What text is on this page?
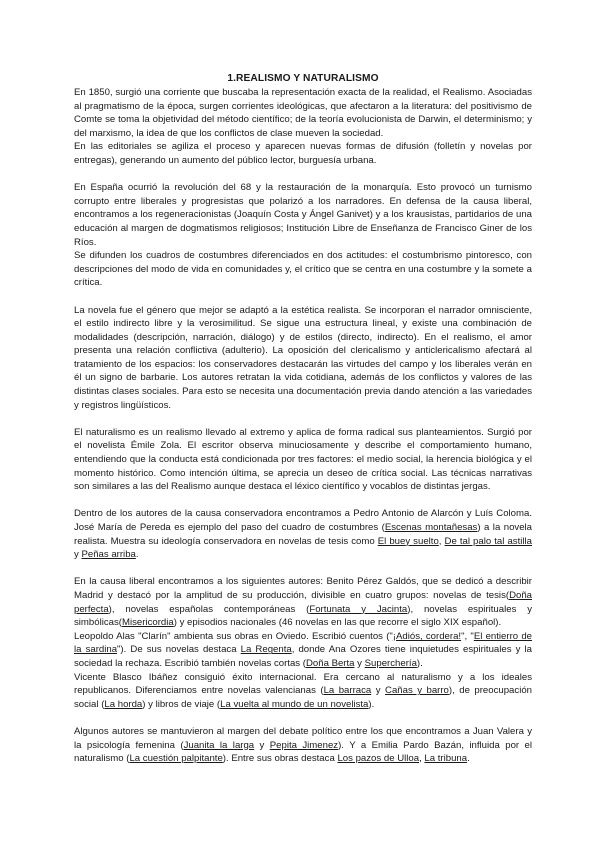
1.REALISMO Y NATURALISMO

En 1850, surgió una corriente que buscaba la representación exacta de la realidad, el Realismo. Asociadas al pragmatismo de la época, surgen corrientes ideológicas, que afectaron a la literatura: del positivismo de Comte se toma la objetividad del método científico; de la teoría evolucionista de Darwin, el determinismo; y del marxismo, la idea de que los conflictos de clase mueven la sociedad.

En las editoriales se agiliza el proceso y aparecen nuevas formas de difusión (folletín y novelas por entregas), generando un aumento del público lector, burguesía urbana.

En España ocurrió la revolución del 68 y la restauración de la monarquía. Esto provocó un turnismo corrupto entre liberales y progresistas que polarizó a los narradores. En defensa de la causa liberal, encontramos a los regeneracionistas (Joaquín Costa y Ángel Ganivet) y a los krausistas, partidarios de una educación al margen de dogmatismos religiosos; Institución Libre de Enseñanza de Francisco Giner de los Ríos.

Se difunden los cuadros de costumbres diferenciados en dos actitudes: el costumbrismo pintoresco, con descripciones del modo de vida en comunidades y, el crítico que se centra en una costumbre y la somete a crítica.

La novela fue el género que mejor se adaptó a la estética realista. Se incorporan el narrador omnisciente, el estilo indirecto libre y la verosimilitud. Se sigue una estructura lineal, y existe una combinación de modalidades (descripción, narración, diálogo) y de estilos (directo, indirecto). En el realismo, el amor presenta una relación conflictiva (adulterio). La oposición del clericalismo y anticlericalismo afectará al tratamiento de los espacios: los conservadores destacarán las virtudes del campo y los liberales verán en él un signo de barbarie. Los autores retratan la vida cotidiana, además de los conflictos y valores de las distintas clases sociales. Para esto se necesita una documentación previa dando atención a las variedades y registros lingüísticos.

El naturalismo es un realismo llevado al extremo y aplica de forma radical sus planteamientos. Surgió por el novelista Émile Zola. El escritor observa minuciosamente y describe el comportamiento humano, entendiendo que la conducta está condicionada por tres factores: el medio social, la herencia biológica y el momento histórico. Como intención última, se aprecia un deseo de crítica social. Las técnicas narrativas son similares a las del Realismo aunque destaca el léxico científico y vocablos de distintas jergas.

Dentro de los autores de la causa conservadora encontramos a Pedro Antonio de Alarcón y Luís Coloma. José María de Pereda es ejemplo del paso del cuadro de costumbres (Escenas montañesas) a la novela realista. Muestra su ideología conservadora en novelas de tesis como El buey suelto, De tal palo tal astilla y Peñas arriba.

En la causa liberal encontramos a los siguientes autores: Benito Pérez Galdós, que se dedicó a describir Madrid y destacó por la amplitud de su producción, divisible en cuatro grupos: novelas de tesis(Doña perfecta), novelas españolas contemporáneas (Fortunata y Jacinta), novelas espirituales y simbólicas(Misericordia) y episodios nacionales (46 novelas en las que recorre el siglo XIX español).

Leopoldo Alas "Clarín" ambienta sus obras en Oviedo. Escribió cuentos ("¡Adiós, cordera!", "El entierro de la sardina"). De sus novelas destaca La Regenta, donde Ana Ozores tiene inquietudes espirituales y la sociedad la rechaza. Escribió también novelas cortas (Doña Berta y Superchería).

Vicente Blasco Ibáñez consiguió éxito internacional. Era cercano al naturalismo y a los ideales republicanos. Diferenciamos entre novelas valencianas (La barraca y Cañas y barro), de preocupación social (La horda) y libros de viaje (La vuelta al mundo de un novelista).

Algunos autores se mantuvieron al margen del debate político entre los que encontramos a Juan Valera y la psicología femenina (Juanita la larga y Pepita Jimenez). Y a Emilia Pardo Bazán, influida por el naturalismo (La cuestión palpitante). Entre sus obras destaca Los pazos de Ulloa, La tribuna.
